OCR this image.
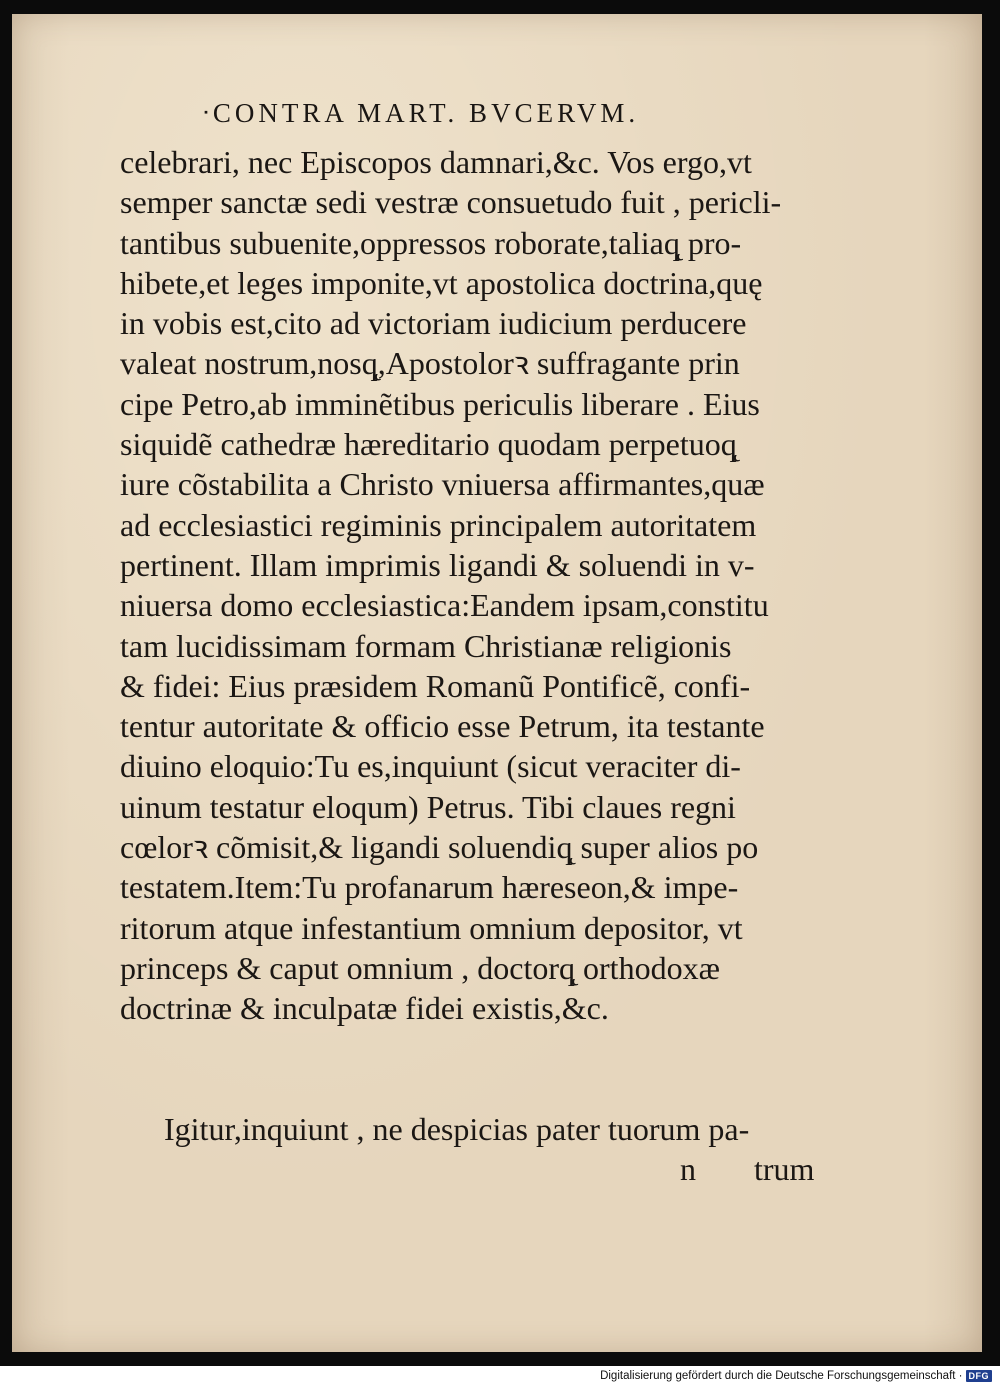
ᐧCONTRA MART. BVCERVM.
celebrari, nec Episcopos damnari,&c. Vos ergo,vt
semper sanctæ sedi vestræ consuetudo fuit , pericli-
tantibus subuenite,oppressos roborate,taliaq̨ pro-
hibete,et leges imponite,vt apostolica doctrina,quę
in vobis est,cito ad victoriam iudicium perducere
valeat nostrum,nosq̨,Apostolorꝛ suffragante prin
cipe Petro,ab imminẽtibus periculis liberare . Eius
siquidẽ cathedræ hæreditario quodam perpetuoq̨
iure cõstabilita a Christo vniuersa affirmantes,quæ
ad ecclesiastici regiminis principalem autoritatem
pertinent. Illam imprimis ligandi & soluendi in v-
niuersa domo ecclesiastica:Eandem ipsam,constitu
tam lucidissimam formam Christianæ religionis
& fidei: Eius præsidem Romanũ Pontificẽ, confi-
tentur autoritate & officio esse Petrum, ita testante
diuino eloquio:Tu es,inquiunt (sicut veraciter di-
uinum testatur eloqum) Petrus. Tibi claues regni
cœlorꝛ cõmisit,& ligandi soluendiq̨ super alios po
testatem.Item:Tu profanarum hæreseon,& impe-
ritorum atque infestantium omnium depositor, vt
princeps & caput omnium , doctorq̨ orthodoxæ
doctrinæ & inculpatæ fidei existis,&c.
Igitur,inquiunt , ne despicias pater tuorum pa-
n trum
Digitalisierung gefördert durch die Deutsche Forschungsgemeinschaft · DFG
